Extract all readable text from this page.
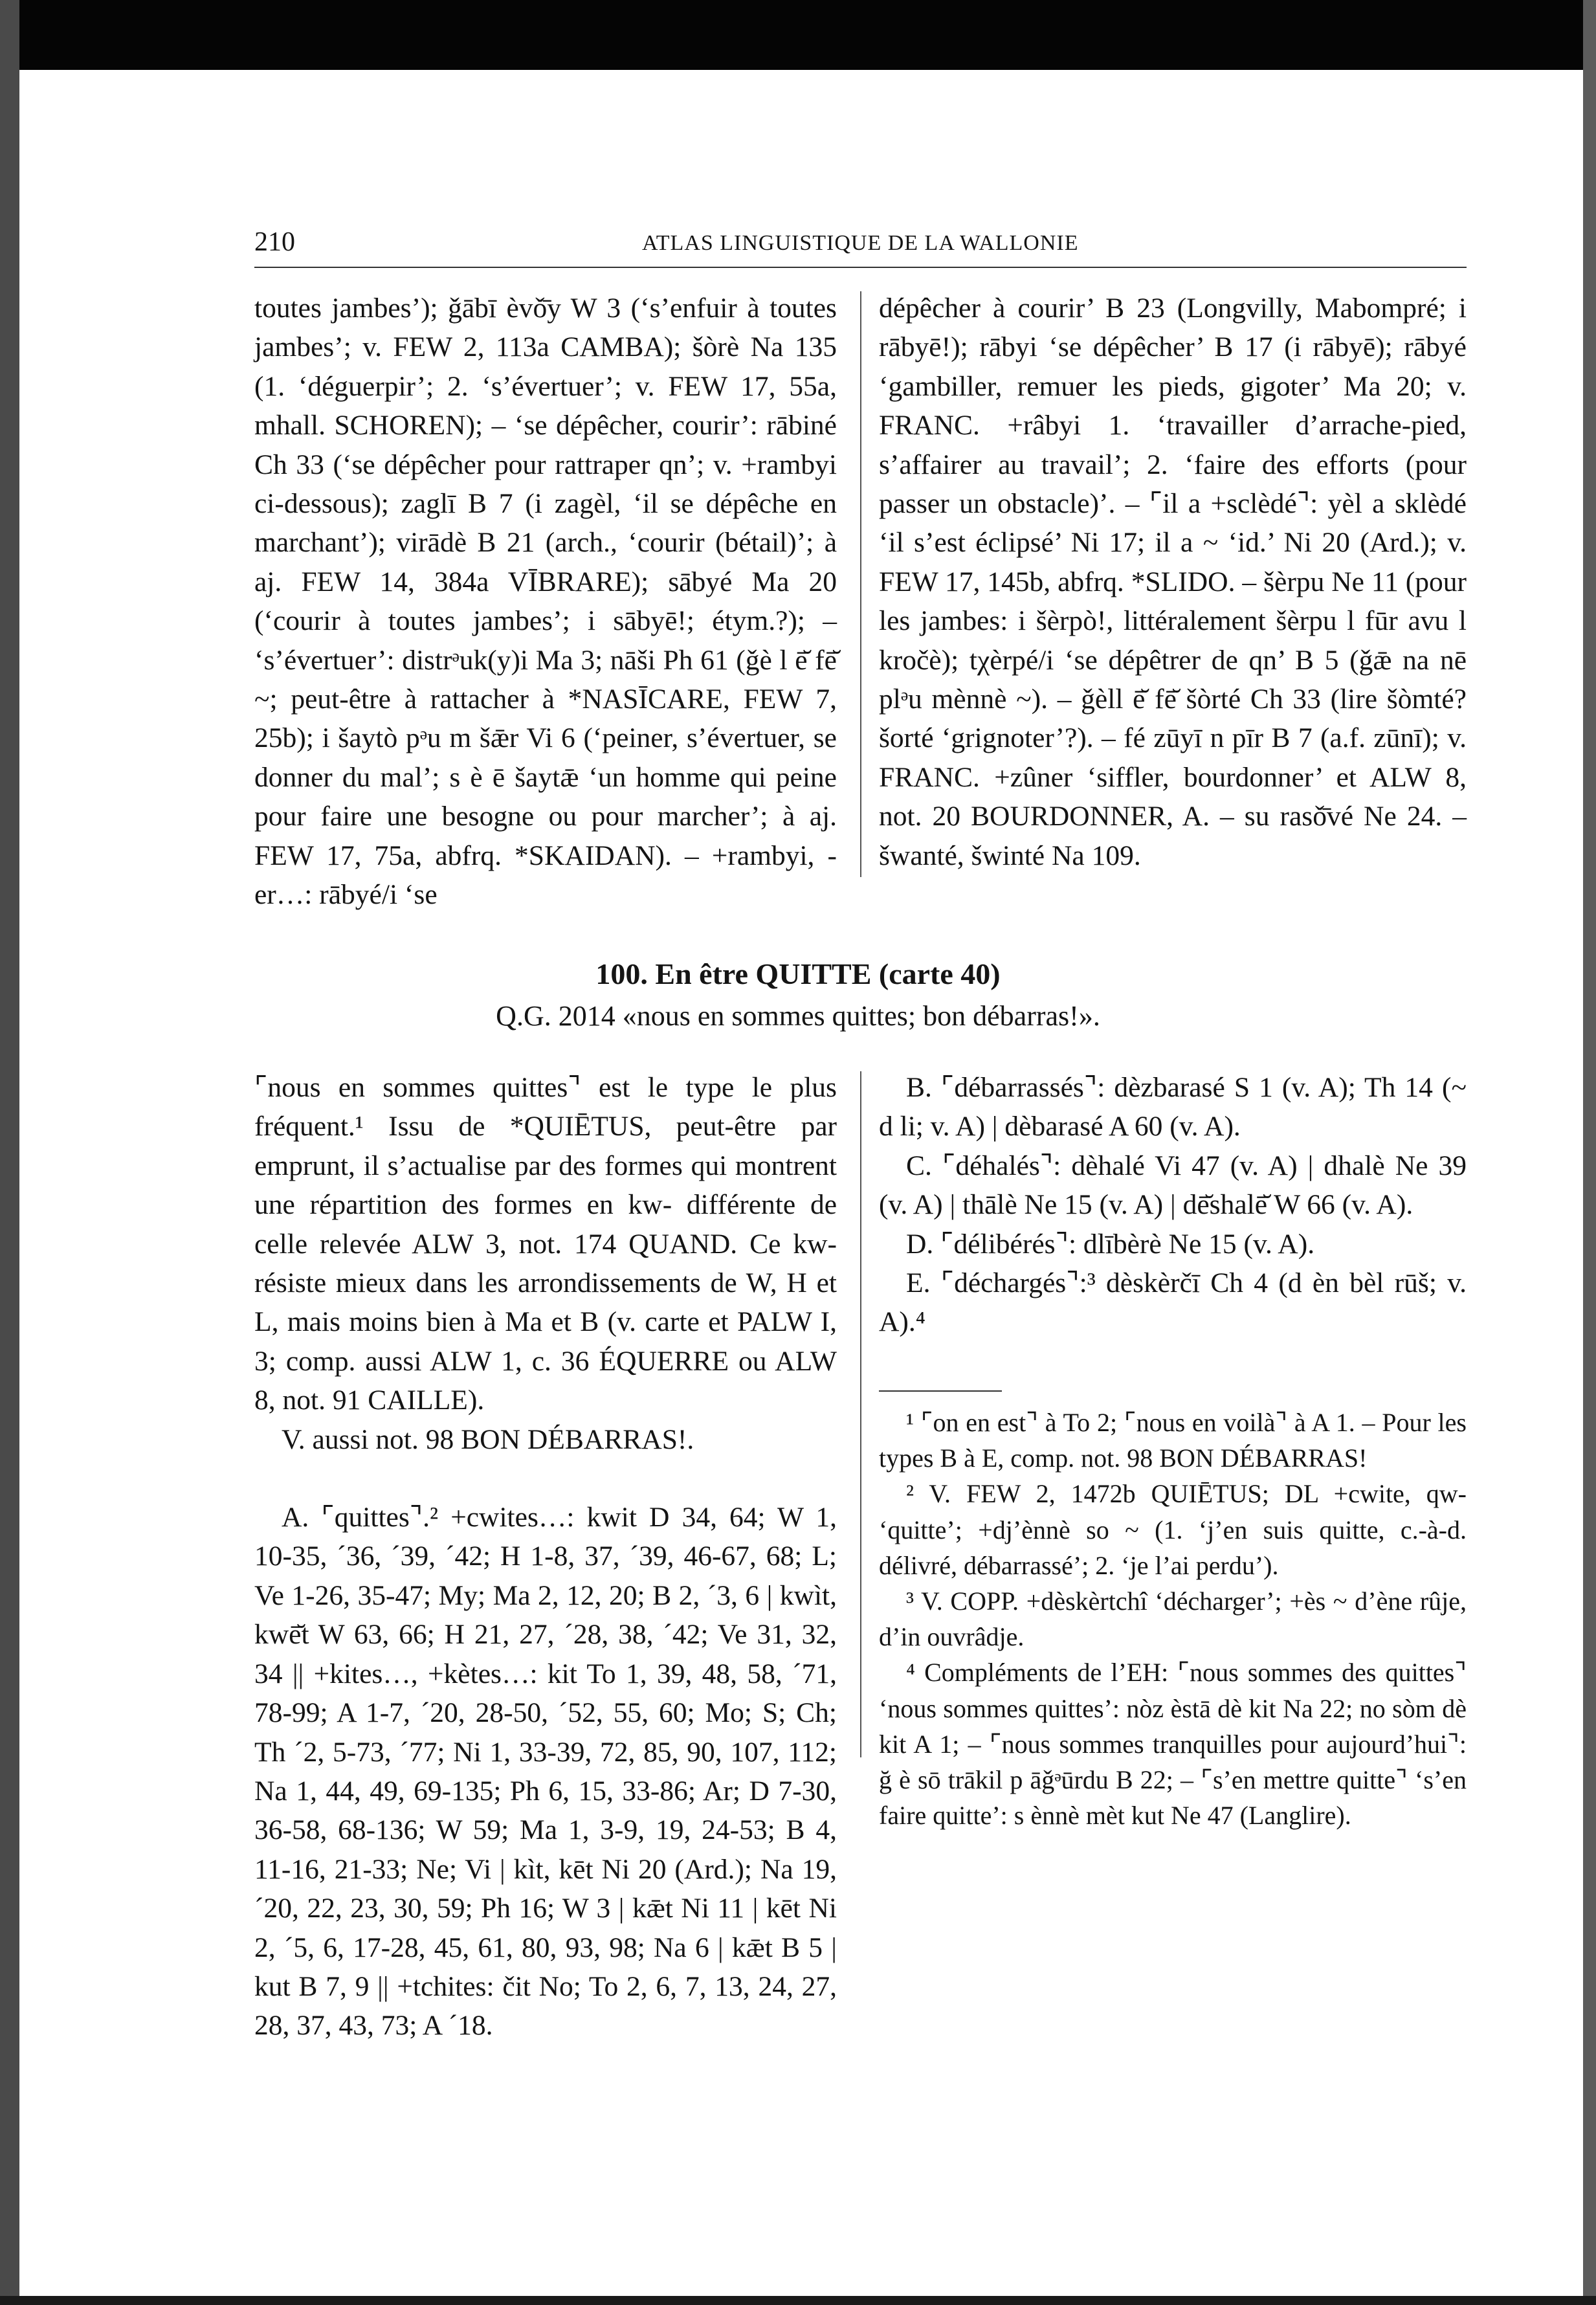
210	ATLAS LINGUISTIQUE DE LA WALLONIE

toutes jambes’); ǧābī èvǒ̄y W 3 (‘s’enfuir à toutes jambes’; v. FEW 2, 113a CAMBA); šòrè Na 135 (1. ‘déguerpir’; 2. ‘s’évertuer’; v. FEW 17, 55a, mhall. SCHOREN); – ‘se dépêcher, courir’: rābiné Ch 33 (‘se dépêcher pour rattraper qn’; v. +rambyi ci-dessous); zaglī B 7 (i zagèl, ‘il se dépêche en marchant’); virādè B 21 (arch., ‘courir (bétail)’; à aj. FEW 14, 384a VĪBRARE); sābyé Ma 20 (‘courir à toutes jambes’; i sābyē!; étym.?); – ‘s’évertuer’: distrᵊuk(y)i Ma 3; nāši Ph 61 (ǧè l ē̆ fē̆ ~; peut-être à rattacher à *NASĪCARE, FEW 7, 25b); i šaytò pᵊu m šǣr Vi 6 (‘peiner, s’évertuer, se donner du mal’; s è ē šaytǣ ‘un homme qui peine pour faire une besogne ou pour marcher’; à aj. FEW 17, 75a, abfrq. *SKAIDAN). – +rambyi, -er…: rābyé/i ‘se

dépêcher à courir’ B 23 (Longvilly, Mabompré; i rābyē!); rābyi ‘se dépêcher’ B 17 (i rābyē); rābyé ‘gambiller, remuer les pieds, gigoter’ Ma 20; v. FRANC. +râbyi 1. ‘travailler d’arrache-pied, s’affairer au travail’; 2. ‘faire des efforts (pour passer un obstacle)’. – ⌜il a +sclèdé⌝: yèl a sklèdé ‘il s’est éclipsé’ Ni 17; il a ~ ‘id.’ Ni 20 (Ard.); v. FEW 17, 145b, abfrq. *SLIDO. – šèrpu Ne 11 (pour les jambes: i šèrpò!, littéralement šèrpu l fūr avu l kročè); tχèrpé/i ‘se dépêtrer de qn’ B 5 (ǧǣ na nē plᵊu mènnè ~). – ǧèll ē̆ fē̆ šòrté Ch 33 (lire šòmté? šorté ‘grignoter’?). – fé zūyī n pīr B 7 (a.f. zūnī); v. FRANC. +zûner ‘siffler, bourdonner’ et ALW 8, not. 20 BOURDONNER, A. – su rasǒ̄vé Ne 24. – šwanté, šwinté Na 109.

100. En être QUITTE (carte 40)
Q.G. 2014 «nous en sommes quittes; bon débarras!».

⌜nous en sommes quittes⌝ est le type le plus fréquent.¹ Issu de *QUIĒTUS, peut-être par emprunt, il s’actualise par des formes qui montrent une répartition des formes en kw- différente de celle relevée ALW 3, not. 174 QUAND. Ce kw- résiste mieux dans les arrondissements de W, H et L, mais moins bien à Ma et B (v. carte et PALW I, 3; comp. aussi ALW 1, c. 36 ÉQUERRE ou ALW 8, not. 91 CAILLE).

V. aussi not. 98 BON DÉBARRAS!.

A. ⌜quittes⌝.² +cwites…: kwit D 34, 64; W 1, 10-35, ´36, ´39, ´42; H 1-8, 37, ´39, 46-67, 68; L; Ve 1-26, 35-47; My; Ma 2, 12, 20; B 2, ´3, 6 | kwìt, kwē̆t W 63, 66; H 21, 27, ´28, 38, ´42; Ve 31, 32, 34 || +kites…, +kètes…: kit To 1, 39, 48, 58, ´71, 78-99; A 1-7, ´20, 28-50, ´52, 55, 60; Mo; S; Ch; Th ´2, 5-73, ´77; Ni 1, 33-39, 72, 85, 90, 107, 112; Na 1, 44, 49, 69-135; Ph 6, 15, 33-86; Ar; D 7-30, 36-58, 68-136; W 59; Ma 1, 3-9, 19, 24-53; B 4, 11-16, 21-33; Ne; Vi | kìt, kēt Ni 20 (Ard.); Na 19, ´20, 22, 23, 30, 59; Ph 16; W 3 | kǣt Ni 11 | kēt Ni 2, ´5, 6, 17-28, 45, 61, 80, 93, 98; Na 6 | kǣt B 5 | kut B 7, 9 || +tchites: čit No; To 2, 6, 7, 13, 24, 27, 28, 37, 43, 73; A ´18.

B. ⌜débarrassés⌝: dèzbarasé S 1 (v. A); Th 14 (~ d li; v. A) | dèbarasé A 60 (v. A).

C. ⌜déhalés⌝: dèhalé Vi 47 (v. A) | dhalè Ne 39 (v. A) | thālè Ne 15 (v. A) | dē̆shalē̆ W 66 (v. A).

D. ⌜délibérés⌝: dlībèrè Ne 15 (v. A).

E. ⌜déchargés⌝:³ dèskèrčī Ch 4 (d èn bèl rūš; v. A).⁴

¹ ⌜on en est⌝ à To 2; ⌜nous en voilà⌝ à A 1. – Pour les types B à E, comp. not. 98 BON DÉBARRAS!

² V. FEW 2, 1472b QUIĒTUS; DL +cwite, qw- ‘quitte’; +dj’ènnè so ~ (1. ‘j’en suis quitte, c.-à-d. délivré, débarrassé’; 2. ‘je l’ai perdu’).

³ V. COPP. +dèskèrtchî ‘décharger’; +ès ~ d’ène rûje, d’in ouvrâdje.

⁴ Compléments de l’EH: ⌜nous sommes des quittes⌝ ‘nous sommes quittes’: nòz èstā dè kit Na 22; no sòm dè kit A 1; – ⌜nous sommes tranquilles pour aujourd’hui⌝: ğ è sō trākil p āǧᵊūrdu B 22; – ⌜s’en mettre quitte⌝ ‘s’en faire quitte’: s ènnè mèt kut Ne 47 (Langlire).
